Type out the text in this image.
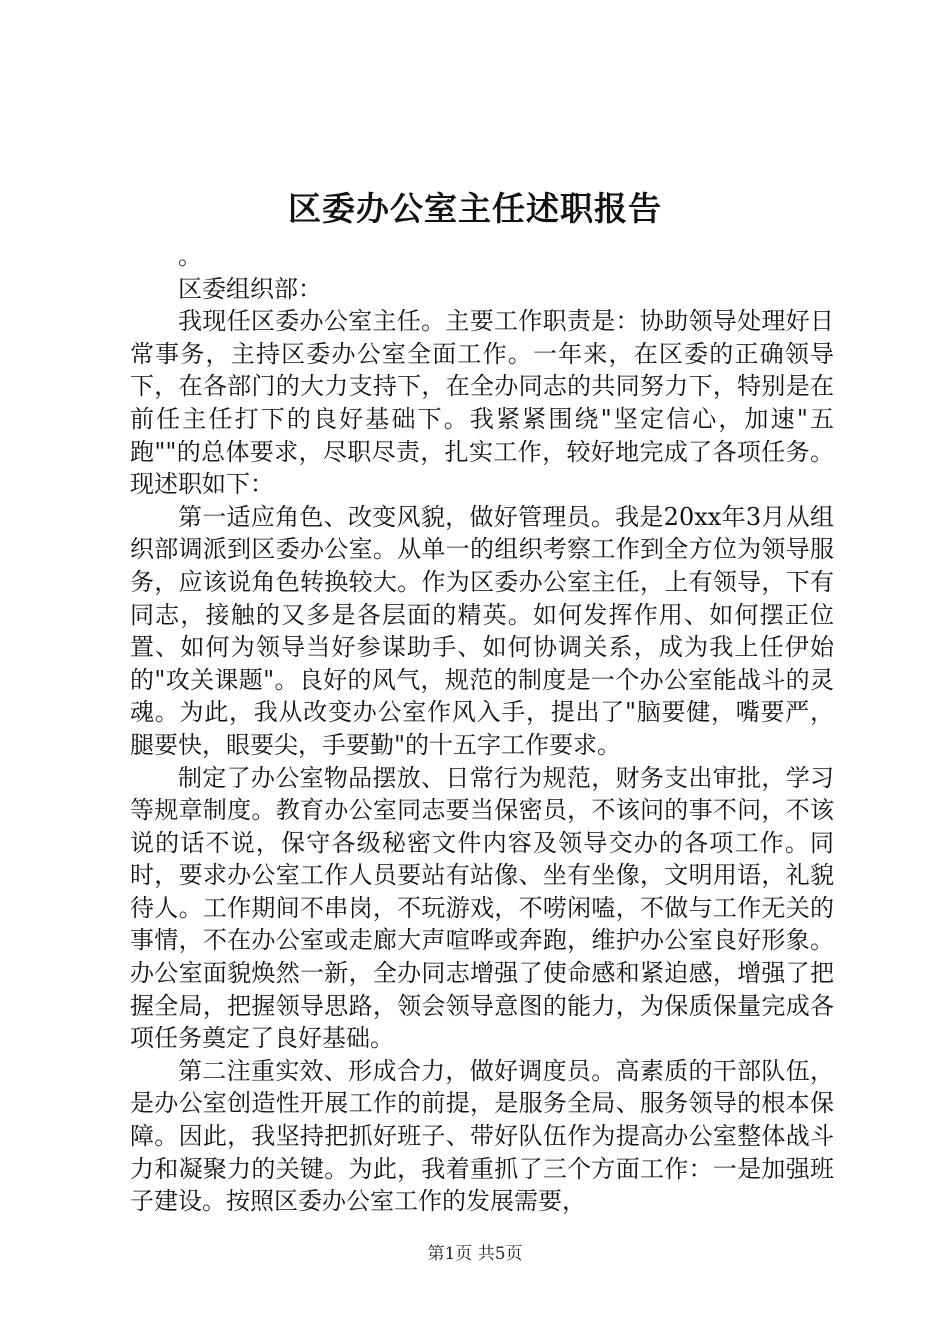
区委办公室主任述职报告

。

区委组织部：

我现任区委办公室主任。主要工作职责是：协助领导处理好日常事务，主持区委办公室全面工作。一年来，在区委的正确领导下，在各部门的大力支持下，在全办同志的共同努力下，特别是在前任主任打下的良好基础下。我紧紧围绕"坚定信心，加速"五跑""的总体要求，尽职尽责，扎实工作，较好地完成了各项任务。现述职如下：

第一适应角色、改变风貌，做好管理员。我是20xx年3月从组织部调派到区委办公室。从单一的组织考察工作到全方位为领导服务，应该说角色转换较大。作为区委办公室主任，上有领导，下有同志，接触的又多是各层面的精英。如何发挥作用、如何摆正位置、如何为领导当好参谋助手、如何协调关系，成为我上任伊始的"攻关课题"。良好的风气，规范的制度是一个办公室能战斗的灵魂。为此，我从改变办公室作风入手，提出了"脑要健，嘴要严，腿要快，眼要尖，手要勤"的十五字工作要求。

制定了办公室物品摆放、日常行为规范，财务支出审批，学习等规章制度。教育办公室同志要当保密员，不该问的事不问，不该说的话不说，保守各级秘密文件内容及领导交办的各项工作。同时，要求办公室工作人员要站有站像、坐有坐像，文明用语，礼貌待人。工作期间不串岗，不玩游戏，不唠闲嗑，不做与工作无关的事情，不在办公室或走廊大声喧哗或奔跑，维护办公室良好形象。办公室面貌焕然一新，全办同志增强了使命感和紧迫感，增强了把握全局，把握领导思路，领会领导意图的能力，为保质保量完成各项任务奠定了良好基础。

第二注重实效、形成合力，做好调度员。高素质的干部队伍，是办公室创造性开展工作的前提，是服务全局、服务领导的根本保障。因此，我坚持把抓好班子、带好队伍作为提高办公室整体战斗力和凝聚力的关键。为此，我着重抓了三个方面工作：一是加强班子建设。按照区委办公室工作的发展需要，

第1页 共5页
